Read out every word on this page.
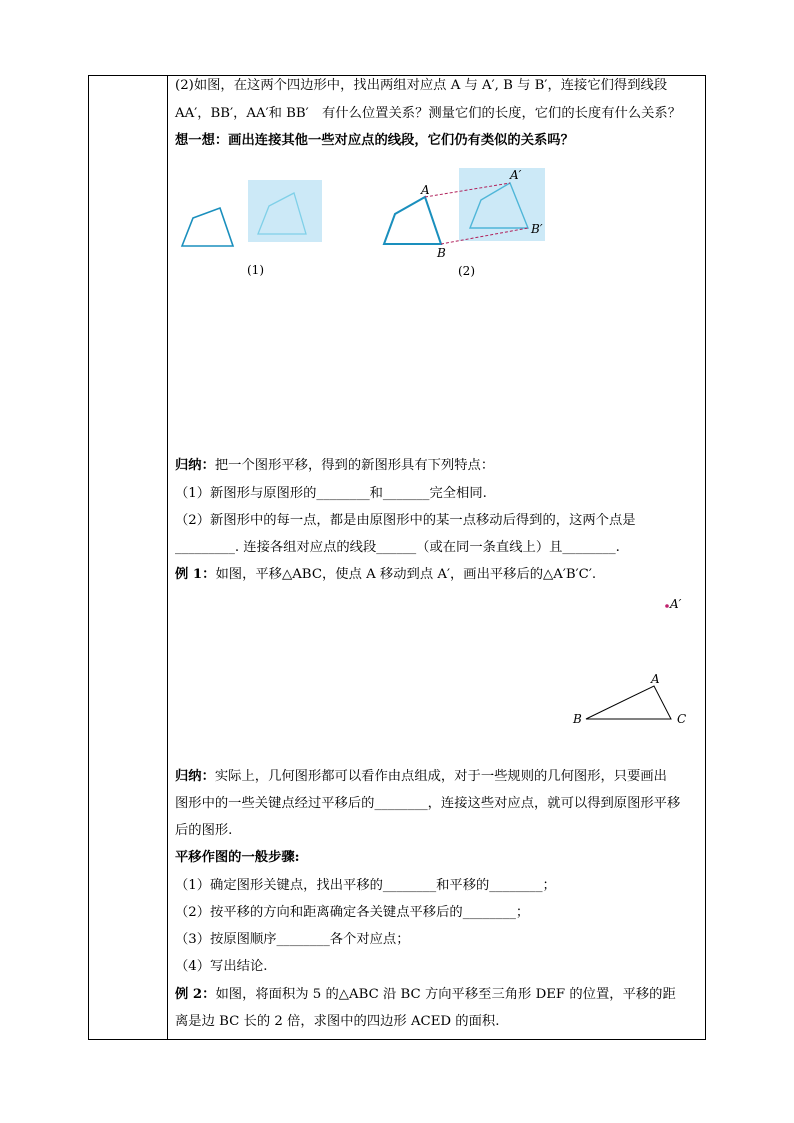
(2)如图，在这两个四边形中，找出两组对应点 A 与 A′, B 与 B′，连接它们得到线段
AA′，BB′，AA′和 BB′　有什么位置关系？测量它们的长度，它们的长度有什么关系？
想一想：画出连接其他一些对应点的线段，它们仍有类似的关系吗？
(1)
A
A′
B
B′
(2)
归纳：把一个图形平移，得到的新图形具有下列特点：
（1）新图形与原图形的________和_______完全相同.
（2）新图形中的每一点，都是由原图形中的某一点移动后得到的，这两个点是
_________. 连接各组对应点的线段______（或在同一条直线上）且________.
例 1：如图，平移△ABC，使点 A 移动到点 A′，画出平移后的△A′B′C′.
A′
A
B	C
归纳：实际上，几何图形都可以看作由点组成，对于一些规则的几何图形，只要画出
图形中的一些关键点经过平移后的________，连接这些对应点，就可以得到原图形平移
后的图形.
平移作图的一般步骤:
（1）确定图形关键点，找出平移的________和平移的________；
（2）按平移的方向和距离确定各关键点平移后的________；
（3）按原图顺序________各个对应点；
（4）写出结论.
例 2：如图，将面积为 5 的△ABC 沿 BC 方向平移至三角形 DEF 的位置，平移的距
离是边 BC 长的 2 倍，求图中的四边形 ACED 的面积.
